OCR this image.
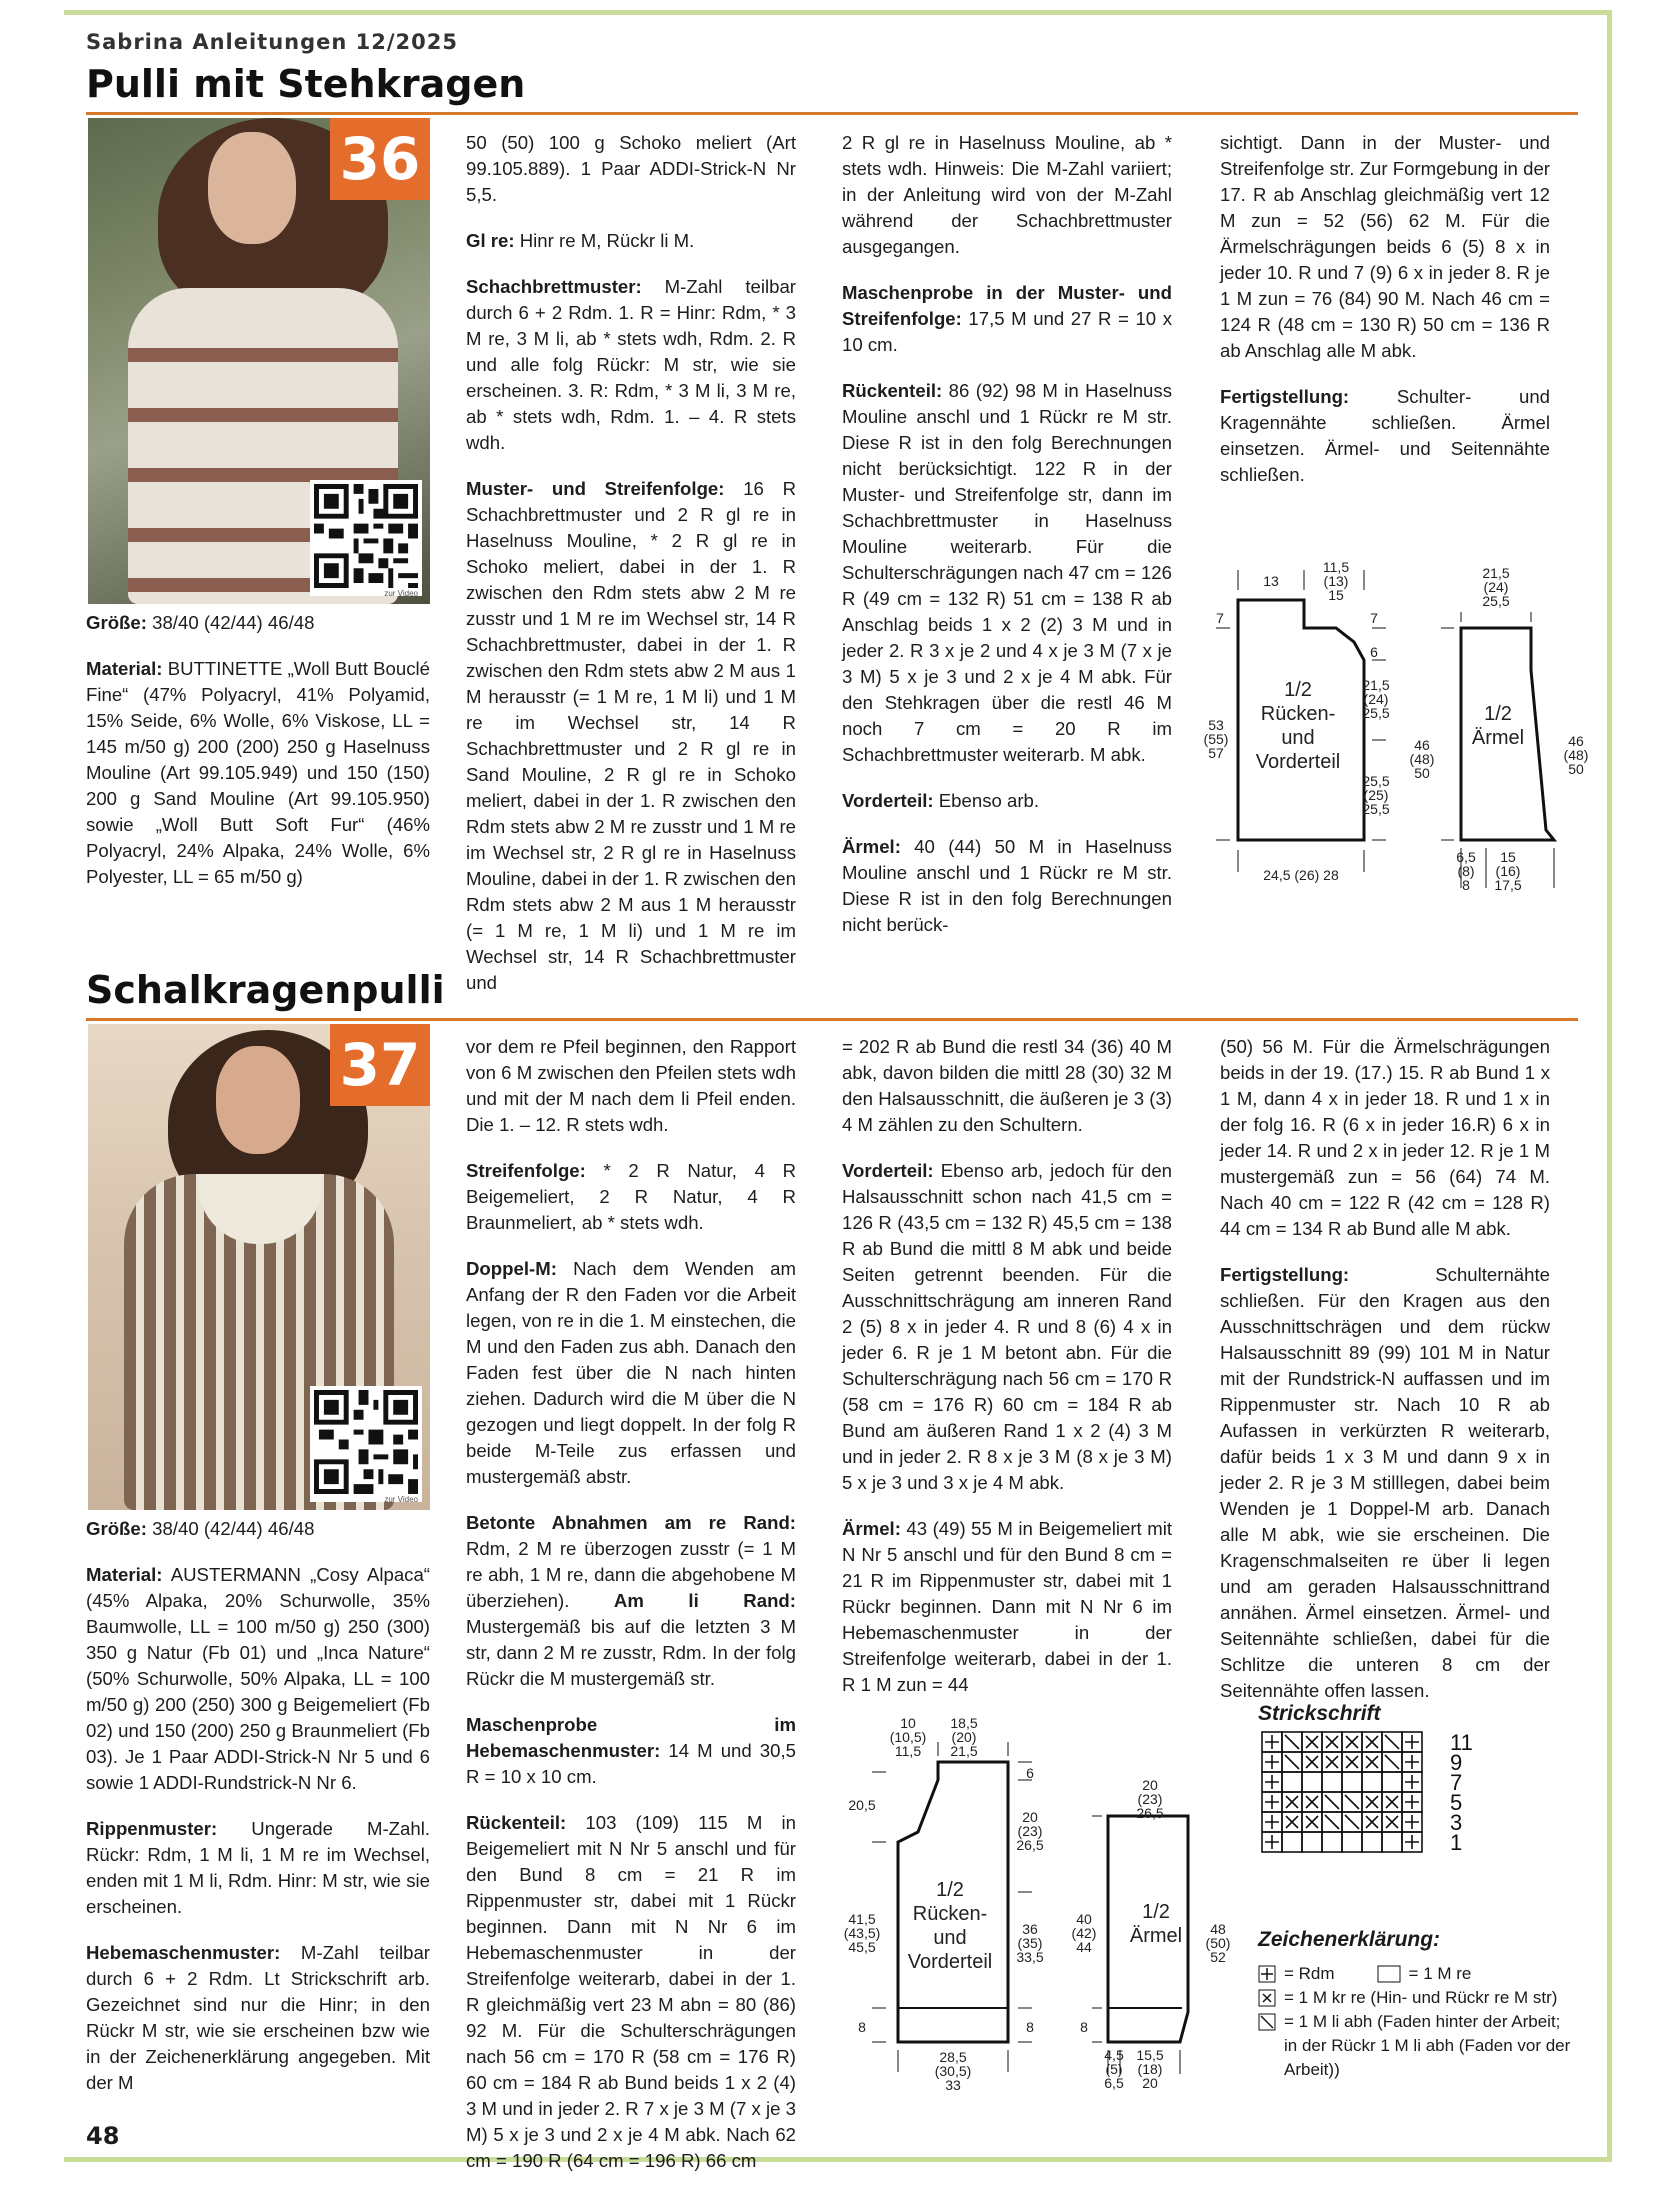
Sabrina Anleitungen 12/2025
Pulli mit Stehkragen
36
zur Video

Größe: 38/40 (42/44) 46/48

Material: BUTTINETTE „Woll Butt Bouclé Fine“ (47% Polyacryl, 41% Polyamid, 15% Seide, 6% Wolle, 6% Viskose, LL = 145 m/50 g) 200 (200) 250 g Haselnuss Mouline (Art 99.105.949) und 150 (150) 200 g Sand Mouline (Art 99.105.950) sowie „Woll Butt Soft Fur“ (46% Polyacryl, 24% Alpaka, 24% Wolle, 6% Polyester, LL = 65 m/50 g)

50 (50) 100 g Schoko meliert (Art 99.105.889). 1 Paar ADDI-Strick-N Nr 5,5.

Gl re: Hinr re M, Rückr li M.

Schachbrettmuster: M-Zahl teilbar durch 6 + 2 Rdm. 1. R = Hinr: Rdm, * 3 M re, 3 M li, ab * stets wdh, Rdm. 2. R und alle folg Rückr: M str, wie sie erscheinen. 3. R: Rdm, * 3 M li, 3 M re, ab * stets wdh, Rdm. 1. – 4. R stets wdh.

Muster- und Streifenfolge: 16 R Schachbrettmuster und 2 R gl re in Haselnuss Mouline, * 2 R gl re in Schoko meliert, dabei in der 1. R zwischen den Rdm stets abw 2 M re zusstr und 1 M re im Wechsel str, 14 R Schachbrettmuster, dabei in der 1. R zwischen den Rdm stets abw 2 M aus 1 M herausstr (= 1 M re, 1 M li) und 1 M re im Wechsel str, 14 R Schachbrettmuster und 2 R gl re in Sand Mouline, 2 R gl re in Schoko meliert, dabei in der 1. R zwischen den Rdm stets abw 2 M re zusstr und 1 M re im Wechsel str, 2 R gl re in Haselnuss Mouline, dabei in der 1. R zwischen den Rdm stets abw 2 M aus 1 M herausstr (= 1 M re, 1 M li) und 1 M re im Wechsel str, 14 R Schachbrettmuster und

2 R gl re in Haselnuss Mouline, ab * stets wdh. Hinweis: Die M-Zahl variiert; in der Anleitung wird von der M-Zahl während der Schachbrettmuster ausgegangen.

Maschenprobe in der Muster- und Streifenfolge: 17,5 M und 27 R = 10 x 10 cm.

Rückenteil: 86 (92) 98 M in Haselnuss Mouline anschl und 1 Rückr re M str. Diese R ist in den folg Berechnungen nicht berücksichtigt. 122 R in der Muster- und Streifenfolge str, dann im Schachbrettmuster in Haselnuss Mouline weiterarb. Für die Schulterschrägungen nach 47 cm = 126 R (49 cm = 132 R) 51 cm = 138 R ab Anschlag beids 1 x 2 (2) 3 M und in jeder 2. R 3 x je 2 und 4 x je 3 M (7 x je 3 M) 5 x je 3 und 2 x je 4 M abk. Für den Stehkragen über die restl 46 M noch 7 cm = 20 R im Schachbrettmuster weiterarb. M abk.

Vorderteil: Ebenso arb.

Ärmel: 40 (44) 50 M in Haselnuss Mouline anschl und 1 Rückr re M str. Diese R ist in den folg Berechnungen nicht berück-

sichtigt. Dann in der Muster- und Streifenfolge str. Zur Formgebung in der 17. R ab Anschlag gleichmäßig vert 12 M zun = 52 (56) 62 M. Für die Ärmelschrägungen beids 6 (5) 8 x in jeder 10. R und 7 (9) 6 x in jeder 8. R je 1 M zun = 76 (84) 90 M. Nach 46 cm = 124 R (48 cm = 130 R) 50 cm = 136 R ab Anschlag alle M abk.

Fertigstellung:	Schulter- und Kragennähte schließen. Ärmel einsetzen. Ärmel- und Seitennähte schließen.

13
11,5 (13) 15
7	7
6
53 (55) 57
21,5 (24) 25,5
25,5 (25) 25,5
24,5 (26) 28
46 (48) 50
21,5 (24) 25,5
46 (48) 50
6,5 (8) 8
15 (16) 17,5
1/2 Rücken-und Vorderteil
1/2 Ärmel
Schalkragenpulli
37
zur Video

Größe: 38/40 (42/44) 46/48

Material: AUSTERMANN „Cosy Alpaca“ (45% Alpaka, 20% Schurwolle, 35% Baumwolle, LL = 100 m/50 g) 250 (300) 350 g Natur (Fb 01) und „Inca Nature“ (50% Schurwolle, 50% Alpaka, LL = 100 m/50 g) 200 (250) 300 g Beigemeliert (Fb 02) und 150 (200) 250 g Braunmeliert (Fb 03). Je 1 Paar ADDI-Strick-N Nr 5 und 6 sowie 1 ADDI-Rundstrick-N Nr 6.

Rippenmuster: Ungerade M-Zahl. Rückr: Rdm, 1 M li, 1 M re im Wechsel, enden mit 1 M li, Rdm. Hinr: M str, wie sie erscheinen.

Hebemaschenmuster: M-Zahl teilbar durch 6 + 2 Rdm. Lt Strickschrift arb. Gezeichnet sind nur die Hinr; in den Rückr M str, wie sie erscheinen bzw wie in der Zeichenerklärung angegeben. Mit der M

vor dem re Pfeil beginnen, den Rapport von 6 M zwischen den Pfeilen stets wdh und mit der M nach dem li Pfeil enden. Die 1. – 12. R stets wdh.

Streifenfolge: * 2 R Natur, 4 R Beigemeliert, 2 R Natur, 4 R Braunmeliert, ab * stets wdh.

Doppel-M: Nach dem Wenden am Anfang der R den Faden vor die Arbeit legen, von re in die 1. M einstechen, die M und den Faden zus abh. Danach den Faden fest über die N nach hinten ziehen. Dadurch wird die M über die N gezogen und liegt doppelt. In der folg R beide M-Teile zus erfassen und mustergemäß abstr.

Betonte Abnahmen am re Rand: Rdm, 2 M re überzogen zusstr (= 1 M re abh, 1 M re, dann die abgehobene M überziehen). Am li Rand: Mustergemäß bis auf die letzten 3 M str, dann 2 M re zusstr, Rdm. In der folg Rückr die M mustergemäß str.

Maschenprobe im Hebemaschenmuster: 14 M und 30,5 R = 10 x 10 cm.

Rückenteil: 103 (109) 115 M in Beigemeliert mit N Nr 5 anschl und für den Bund 8 cm = 21 R im Rippenmuster str, dabei mit 1 Rückr beginnen. Dann mit N Nr 6 im Hebemaschenmuster in der Streifenfolge weiterarb, dabei in der 1. R gleichmäßig vert 23 M abn = 80 (86) 92 M. Für die Schulterschrägungen nach 56 cm = 170 R (58 cm = 176 R) 60 cm = 184 R ab Bund beids 1 x 2 (4) 3 M und in jeder 2. R 7 x je 3 M (7 x je 3 M) 5 x je 3 und 2 x je 4 M abk. Nach 62 cm = 190 R (64 cm = 196 R) 66 cm

= 202 R ab Bund die restl 34 (36) 40 M abk, davon bilden die mittl 28 (30) 32 M den Halsausschnitt, die äußeren je 3 (3) 4 M zählen zu den Schultern.

Vorderteil: Ebenso arb, jedoch für den Halsausschnitt schon nach 41,5 cm = 126 R (43,5 cm = 132 R) 45,5 cm = 138 R ab Bund die mittl 8 M abk und beide Seiten getrennt beenden. Für die Ausschnittschrägung am inneren Rand 2 (5) 8 x in jeder 4. R und 8 (6) 4 x in jeder 6. R je 1 M betont abn. Für die Schulterschrägung nach 56 cm = 170 R (58 cm = 176 R) 60 cm = 184 R ab Bund am äußeren Rand 1 x 2 (4) 3 M und in jeder 2. R 8 x je 3 M (8 x je 3 M) 5 x je 3 und 3 x je 4 M abk.

Ärmel: 43 (49) 55 M in Beigemeliert mit N Nr 5 anschl und für den Bund 8 cm = 21 R im Rippenmuster str, dabei mit 1 Rückr beginnen. Dann mit N Nr 6 im Hebemaschenmuster in der Streifenfolge weiterarb, dabei in der 1. R 1 M zun = 44

(50) 56 M. Für die Ärmelschrägungen beids in der 19. (17.) 15. R ab Bund 1 x 1 M, dann 4 x in jeder 18. R und 1 x in der folg 16. R (6 x in jeder 16.R) 6 x in jeder 14. R und 2 x in jeder 12. R je 1 M mustergemäß zun = 56 (64) 74 M. Nach 40 cm = 122 R (42 cm = 128 R) 44 cm = 134 R ab Bund alle M abk.

Fertigstellung:	Schulternähte schließen. Für den Kragen aus den Ausschnittschrägen und dem rückw Halsausschnitt 89 (99) 101 M in Natur mit der Rundstrick-N auffassen und im Rippenmuster str. Nach 10 R ab Aufassen in verkürzten R weiterarb, dafür beids 1 x 3 M und dann 9 x in jeder 2. R je 3 M stilllegen, dabei beim Wenden je 1 Doppel-M arb. Danach alle M abk, wie sie erscheinen. Die Kragenschmalseiten re über li legen und am geraden Halsausschnittrand annähen. Ärmel einsetzen. Ärmel- und Seitennähte schließen, dabei für die Schlitze die unteren 8 cm der Seitennähte offen lassen.

10 (10,5) 11,5
18,5 (20) 21,5
20,5
6
20 (23) 26,5
41,5 (43,5) 45,5
36 (35) 33,5
8	8
28,5 (30,5) 33
20 (23) 26,5
40 (42) 44
48 (50) 52
8
4,5 (5) 6,5
15,5 (18) 20
1/2 Rücken-und Vorderteil
1/2 Ärmel
Strickschrift
11
9
7
5
3
1
Zeichenerklärung:
= Rdm	= 1 M re
= 1 M kr re (Hin- und Rückr re M str)
= 1 M li abh (Faden hinter der Arbeit; in der Rückr 1 M li abh (Faden vor der Arbeit))
48
